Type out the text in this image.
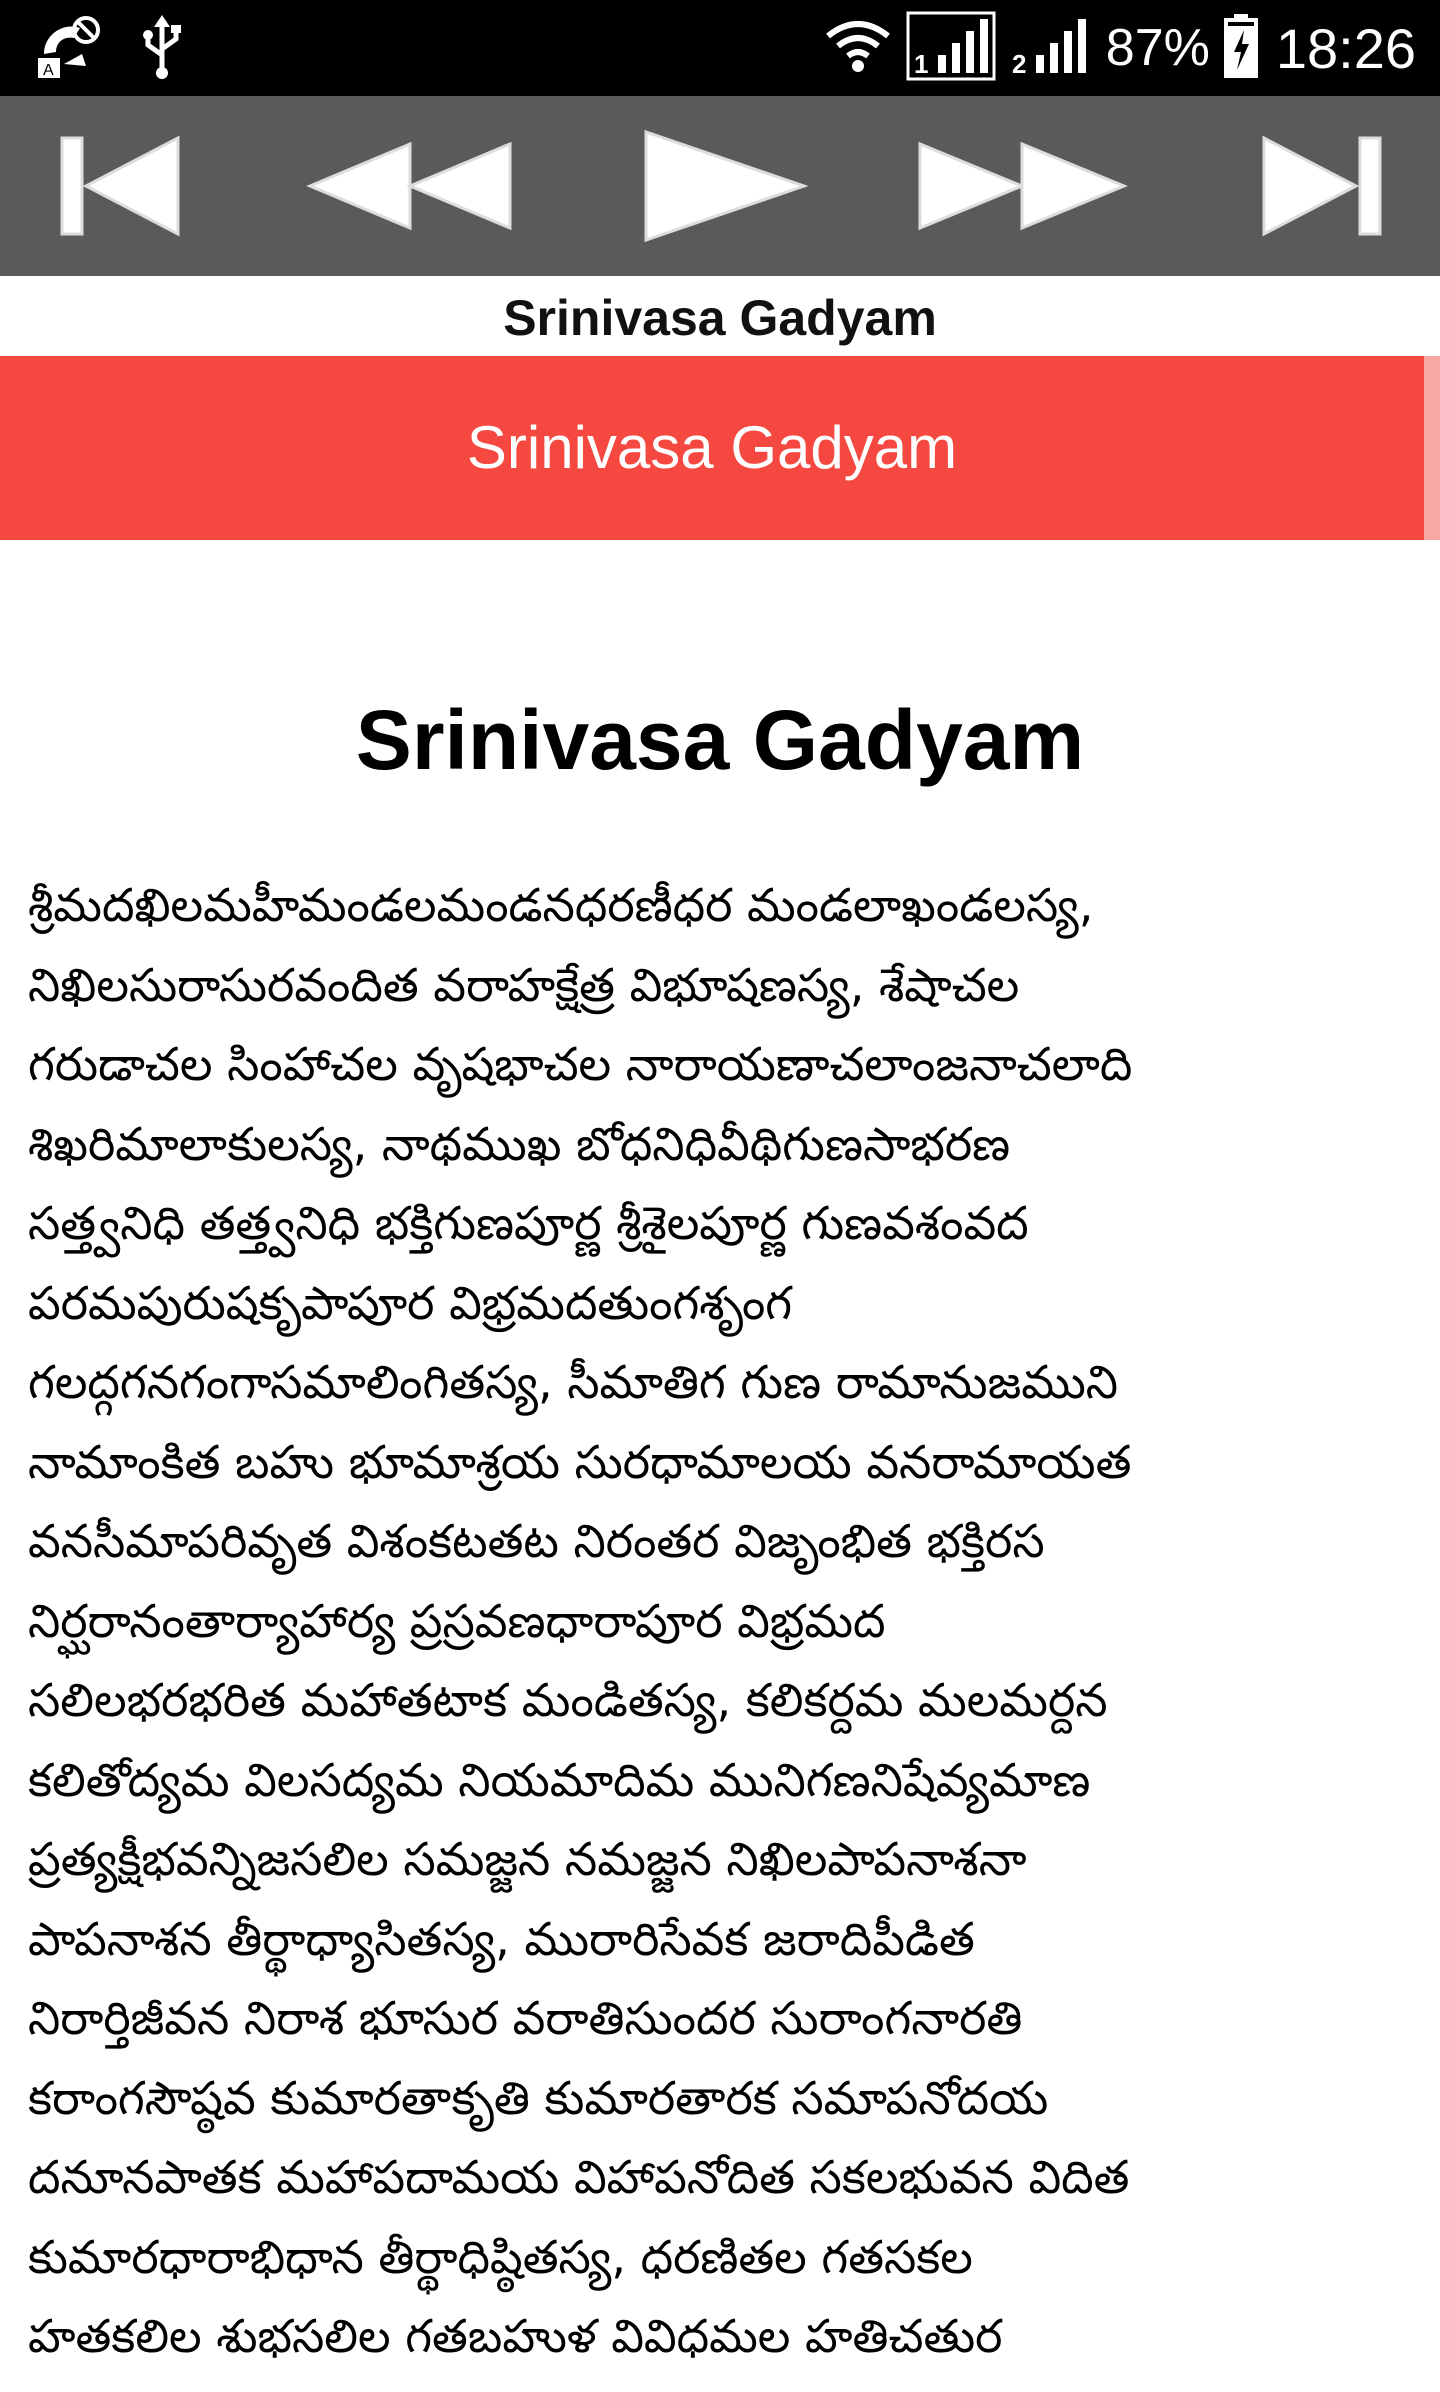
A	1	2 87% 18:26
Srinivasa Gadyam
Srinivasa Gadyam
Srinivasa Gadyam
శ్రీమదఖిలమహీమండలమండనధరణీధర మండలాఖండలస్య,
నిఖిలసురాసురవందిత వరాహక్షేత్ర విభూషణస్య, శేషాచల
గరుడాచల సింహాచల వృషభాచల నారాయణాచలాంజనాచలాది
శిఖరిమాలాకులస్య, నాథముఖ బోధనిధివీథిగుణసాభరణ
సత్త్వనిధి తత్త్వనిధి భక్తిగుణపూర్ణ శ్రీశైలపూర్ణ గుణవశంవద
పరమపురుషకృపాపూర విభ్రమదతుంగశృంగ
గలద్గగనగంగాసమాలింగితస్య, సీమాతిగ గుణ రామానుజముని
నామాంకిత బహు భూమాశ్రయ సురధామాలయ వనరామాయత
వనసీమాపరివృత విశంకటతట నిరంతర విజృంభిత భక్తిరస
నిర్ఘరానంతార్యాహార్య ప్రస్రవణధారాపూర విభ్రమద
సలిలభరభరిత మహాతటాక మండితస్య, కలికర్దమ మలమర్దన
కలితోద్యమ విలసద్యమ నియమాదిమ మునిగణనిషేవ్యమాణ
ప్రత్యక్షీభవన్నిజసలిల సమజ్జన నమజ్జన నిఖిలపాపనాశనా
పాపనాశన తీర్థాధ్యాసితస్య, మురారిసేవక జరాదిపీడిత
నిరార్తిజీవన నిరాశ భూసుర వరాతిసుందర సురాంగనారతి
కరాంగసౌష్ఠవ కుమారతాకృతి కుమారతారక సమాపనోదయ
దనూనపాతక మహాపదామయ విహాపనోదిత సకలభువన విదిత
కుమారధారాభిధాన తీర్థాధిష్ఠితస్య, ధరణితల గతసకల
హతకలిల శుభసలిల గతబహుళ వివిధమల హతిచతుర
